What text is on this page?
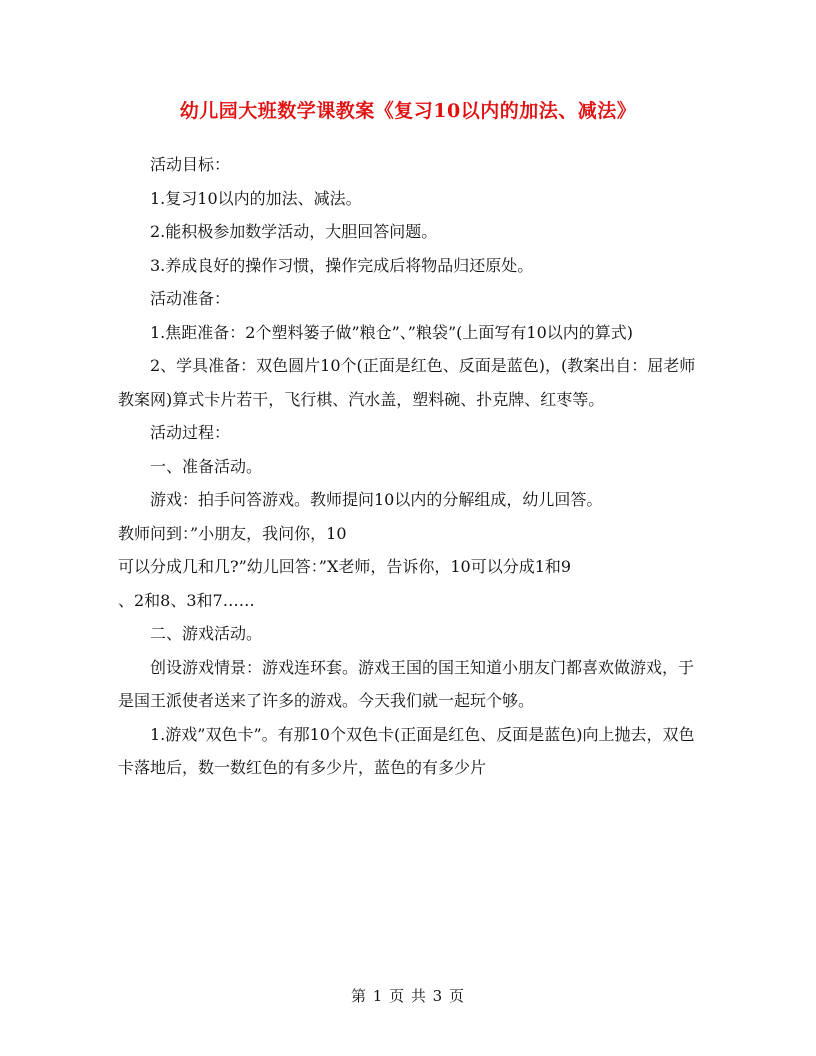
幼儿园大班数学课教案《复习10以内的加法、减法》

活动目标：

1.复习10以内的加法、减法。

2.能积极参加数学活动，大胆回答问题。

3.养成良好的操作习惯，操作完成后将物品归还原处。

活动准备：

1.焦距准备：2个塑料篓子做”粮仓”、”粮袋”(上面写有10以内的算式)

2、学具准备：双色圆片10个(正面是红色、反面是蓝色)，(教案出自：屈老师教案网)算式卡片若干，飞行棋、汽水盖，塑料碗、扑克牌、红枣等。

活动过程：

一、准备活动。

游戏：拍手问答游戏。教师提问10以内的分解组成，幼儿回答。

教师问到：”小朋友，我问你，10

可以分成几和几?”幼儿回答：”X老师，告诉你，10可以分成1和9

、2和8、3和7……

二、游戏活动。

创设游戏情景：游戏连环套。游戏王国的国王知道小朋友门都喜欢做游戏，于是国王派使者送来了许多的游戏。今天我们就一起玩个够。

1.游戏”双色卡”。有那10个双色卡(正面是红色、反面是蓝色)向上抛去，双色卡落地后，数一数红色的有多少片，蓝色的有多少片

第 1 页 共 3 页
